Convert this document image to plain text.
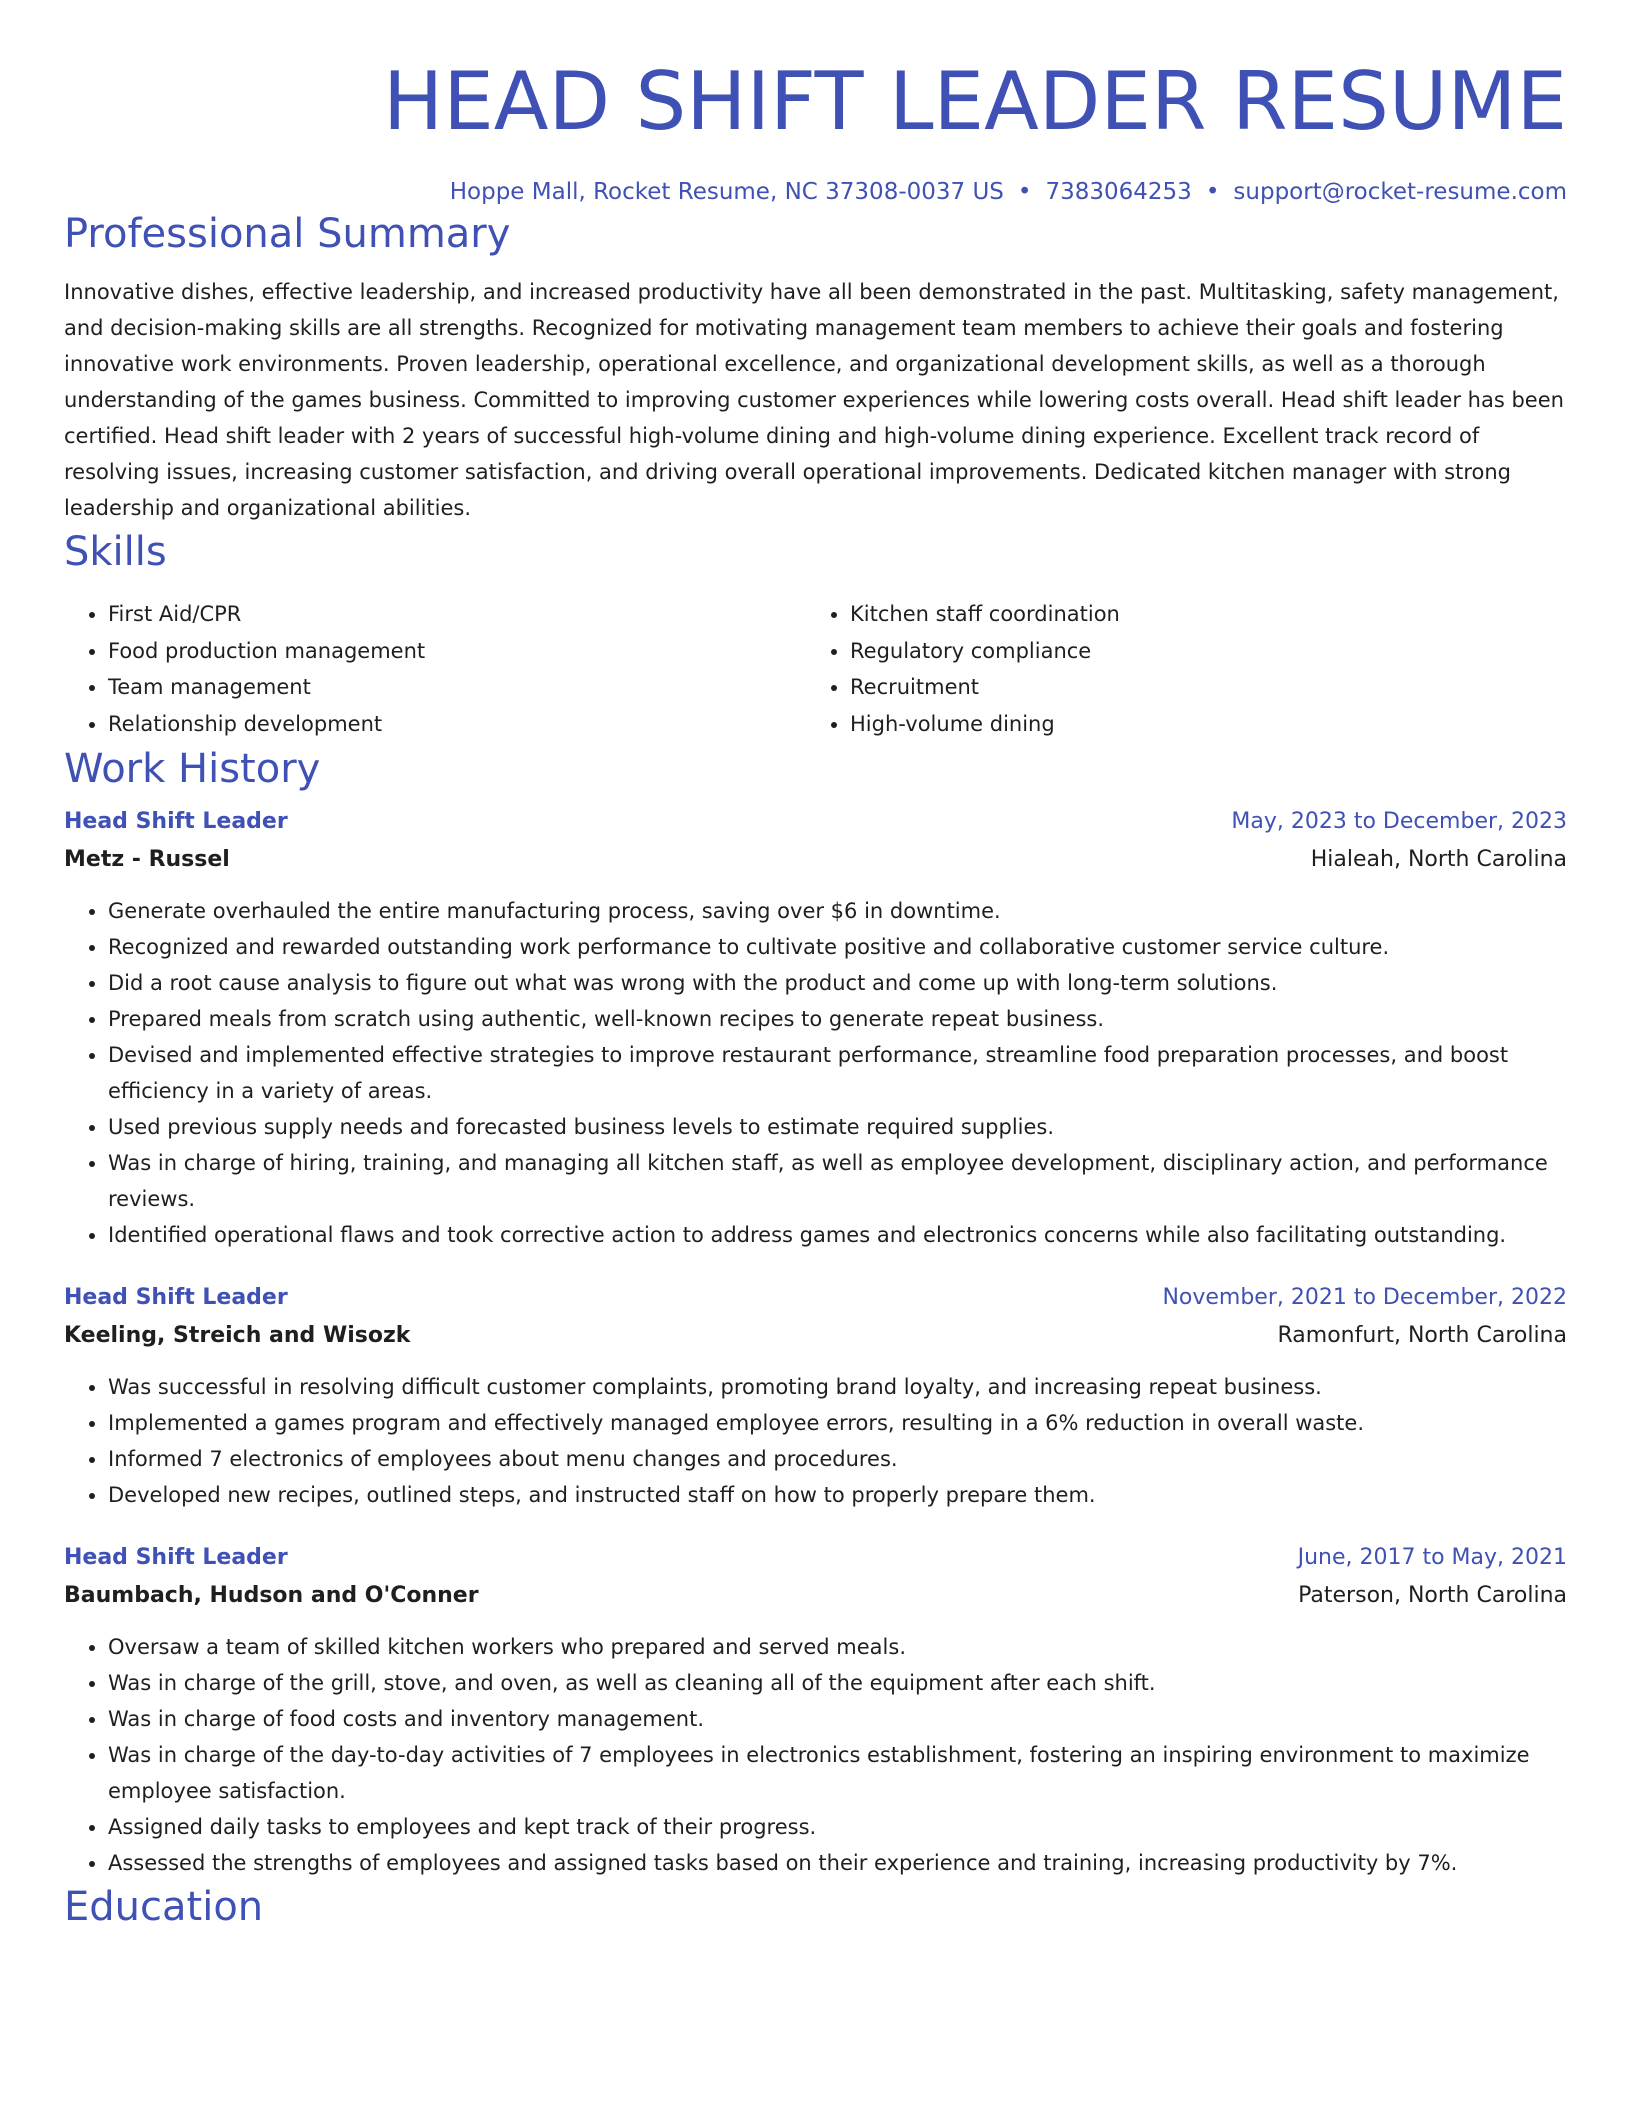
HEAD SHIFT LEADER RESUME
Hoppe Mall, Rocket Resume, NC 37308-0037 US • 7383064253 • support@rocket-resume.com
Professional Summary
Innovative dishes, effective leadership, and increased productivity have all been demonstrated in the past. Multitasking, safety management, and decision-making skills are all strengths. Recognized for motivating management team members to achieve their goals and fostering innovative work environments. Proven leadership, operational excellence, and organizational development skills, as well as a thorough understanding of the games business. Committed to improving customer experiences while lowering costs overall. Head shift leader has been certified. Head shift leader with 2 years of successful high-volume dining and high-volume dining experience. Excellent track record of resolving issues, increasing customer satisfaction, and driving overall operational improvements. Dedicated kitchen manager with strong leadership and organizational abilities.
Skills
• First Aid/CPR
• Food production management
• Team management
• Relationship development
• Kitchen staff coordination
• Regulatory compliance
• Recruitment
• High-volume dining
Work History
Head Shift Leader	May, 2023 to December, 2023
Metz - Russel	Hialeah, North Carolina
• Generate overhauled the entire manufacturing process, saving over $6 in downtime.
• Recognized and rewarded outstanding work performance to cultivate positive and collaborative customer service culture.
• Did a root cause analysis to figure out what was wrong with the product and come up with long-term solutions.
• Prepared meals from scratch using authentic, well-known recipes to generate repeat business.
• Devised and implemented effective strategies to improve restaurant performance, streamline food preparation processes, and boost efficiency in a variety of areas.
• Used previous supply needs and forecasted business levels to estimate required supplies.
• Was in charge of hiring, training, and managing all kitchen staff, as well as employee development, disciplinary action, and performance reviews.
• Identified operational flaws and took corrective action to address games and electronics concerns while also facilitating outstanding.
Head Shift Leader	November, 2021 to December, 2022
Keeling, Streich and Wisozk	Ramonfurt, North Carolina
• Was successful in resolving difficult customer complaints, promoting brand loyalty, and increasing repeat business.
• Implemented a games program and effectively managed employee errors, resulting in a 6% reduction in overall waste.
• Informed 7 electronics of employees about menu changes and procedures.
• Developed new recipes, outlined steps, and instructed staff on how to properly prepare them.
Head Shift Leader	June, 2017 to May, 2021
Baumbach, Hudson and O'Conner	Paterson, North Carolina
• Oversaw a team of skilled kitchen workers who prepared and served meals.
• Was in charge of the grill, stove, and oven, as well as cleaning all of the equipment after each shift.
• Was in charge of food costs and inventory management.
• Was in charge of the day-to-day activities of 7 employees in electronics establishment, fostering an inspiring environment to maximize employee satisfaction.
• Assigned daily tasks to employees and kept track of their progress.
• Assessed the strengths of employees and assigned tasks based on their experience and training, increasing productivity by 7%.
Education
